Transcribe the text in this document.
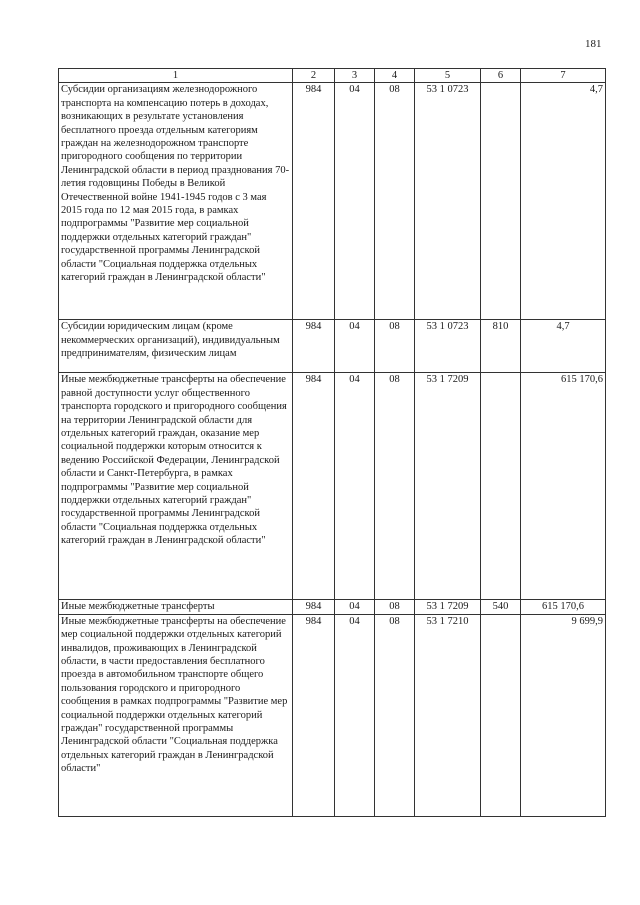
181
1	2	3	4	5	6	7
Субсидии организациям железнодорожного транспорта на компенсацию потерь в доходах, возникающих в результате установления бесплатного проезда отдельным категориям граждан на железнодорожном транспорте пригородного сообщения по территории Ленинградской области в период празднования 70-летия годовщины Победы в Великой Отечественной войне 1941-1945 годов с 3 мая 2015 года по 12 мая 2015 года, в рамках подпрограммы "Развитие мер социальной поддержки отдельных категорий граждан" государственной программы Ленинградской области "Социальная поддержка отдельных категорий граждан в Ленинградской области"	984	04	08	53 1 0723		4,7
Субсидии юридическим лицам (кроме некоммерческих организаций), индивидуальным предпринимателям, физическим лицам	984	04	08	53 1 0723	810	4,7
Иные межбюджетные трансферты на обеспечение равной доступности услуг общественного транспорта городского и пригородного сообщения на территории Ленинградской области для отдельных категорий граждан, оказание мер социальной поддержки которым относится к ведению Российской Федерации, Ленинградской области и Санкт-Петербурга, в рамках подпрограммы "Развитие мер социальной поддержки отдельных категорий граждан" государственной программы Ленинградской области "Социальная поддержка отдельных категорий граждан в Ленинградской области"	984	04	08	53 1 7209		615 170,6
Иные межбюджетные трансферты	984	04	08	53 1 7209	540	615 170,6
Иные межбюджетные трансферты на обеспечение мер социальной поддержки отдельных категорий инвалидов, проживающих в Ленинградской области, в части предоставления бесплатного проезда в автомобильном транспорте общего пользования городского и пригородного сообщения в рамках подпрограммы "Развитие мер социальной поддержки отдельных категорий граждан" государственной программы Ленинградской области "Социальная поддержка отдельных категорий граждан в Ленинградской области"	984	04	08	53 1 7210		9 699,9
